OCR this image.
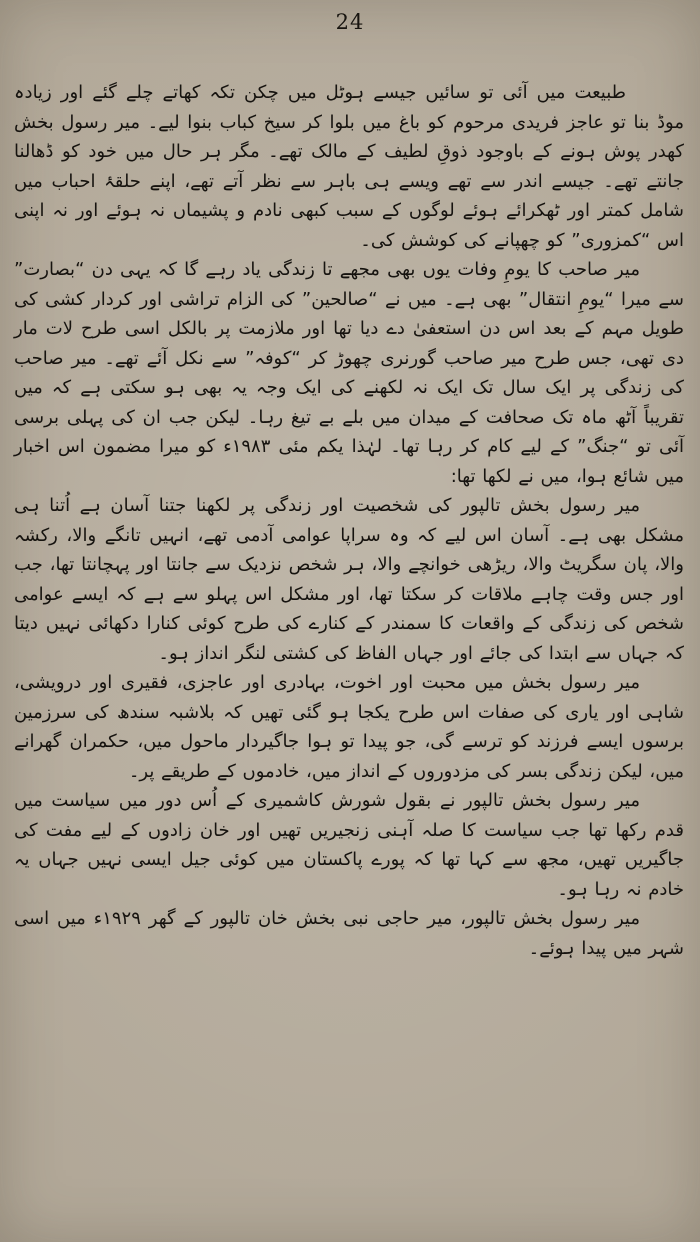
24

طبیعت میں آئی تو سائیں جیسے ہوٹل میں چکن تکہ کھاتے چلے گئے اور زیادہ موڈ بنا تو عاجز فریدی مرحوم کو باغ میں بلوا کر سیخ کباب بنوا لیے۔ میر رسول بخش کھدر پوش ہونے کے باوجود ذوقِ لطیف کے مالک تھے۔ مگر ہر حال میں خود کو ڈھالنا جانتے تھے۔ جیسے اندر سے تھے ویسے ہی باہر سے نظر آتے تھے، اپنے حلقۂ احباب میں شامل کمتر اور ٹھکرائے ہوئے لوگوں کے سبب کبھی نادم و پشیماں نہ ہوئے اور نہ اپنی اس “کمزوری” کو چھپانے کی کوشش کی۔

میر صاحب کا یومِ وفات یوں بھی مجھے تا زندگی یاد رہے گا کہ یہی دن “بصارت” سے میرا “یومِ انتقال” بھی ہے۔ میں نے “صالحین” کی الزام تراشی اور کردار کشی کی طویل مہم کے بعد اس دن استعفیٰ دے دیا تھا اور ملازمت پر بالکل اسی طرح لات مار دی تھی، جس طرح میر صاحب گورنری چھوڑ کر “کوفہ” سے نکل آئے تھے۔ میر صاحب کی زندگی پر ایک سال تک ایک نہ لکھنے کی ایک وجہ یہ بھی ہو سکتی ہے کہ میں تقریباً آٹھ ماہ تک صحافت کے میدان میں بلے بے تیغ رہا۔ لیکن جب ان کی پہلی برسی آئی تو “جنگ” کے لیے کام کر رہا تھا۔ لہٰذا یکم مئی ۱۹۸۳ء کو میرا مضمون اس اخبار میں شائع ہوا، میں نے لکھا تھا:

میر رسول بخش تالپور کی شخصیت اور زندگی پر لکھنا جتنا آسان ہے اُتنا ہی مشکل بھی ہے۔ آسان اس لیے کہ وہ سراپا عوامی آدمی تھے، انہیں تانگے والا، رکشہ والا، پان سگریٹ والا، ریڑھی خوانچے والا، ہر شخص نزدیک سے جانتا اور پہچانتا تھا، جب اور جس وقت چاہے ملاقات کر سکتا تھا، اور مشکل اس پہلو سے ہے کہ ایسے عوامی شخص کی زندگی کے واقعات کا سمندر کے کنارے کی طرح کوئی کنارا دکھائی نہیں دیتا کہ جہاں سے ابتدا کی جائے اور جہاں الفاظ کی کشتی لنگر انداز ہو۔

میر رسول بخش میں محبت اور اخوت، بہادری اور عاجزی، فقیری اور درویشی، شاہی اور یاری کی صفات اس طرح یکجا ہو گئی تھیں کہ بلاشبہ سندھ کی سرزمین برسوں ایسے فرزند کو ترسے گی، جو پیدا تو ہوا جاگیردار ماحول میں، حکمران گھرانے میں، لیکن زندگی بسر کی مزدوروں کے انداز میں، خادموں کے طریقے پر۔

میر رسول بخش تالپور نے بقول شورش کاشمیری کے اُس دور میں سیاست میں قدم رکھا تھا جب سیاست کا صلہ آہنی زنجیریں تھیں اور خان زادوں کے لیے مفت کی جاگیریں تھیں، مجھ سے کہا تھا کہ پورے پاکستان میں کوئی جیل ایسی نہیں جہاں یہ خادم نہ رہا ہو۔

میر رسول بخش تالپور، میر حاجی نبی بخش خان تالپور کے گھر ۱۹۲۹ء میں اسی شہر میں پیدا ہوئے۔
